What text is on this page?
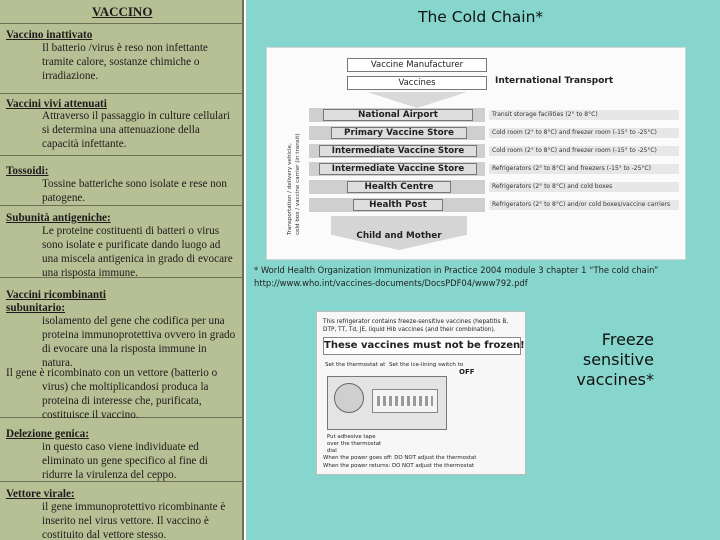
VACCINO
Vaccino inattivato
Il batterio /virus è reso non infettante
tramite calore, sostanze chimiche o
irradiazione.
Vaccini vivi attenuati
Attraverso il passaggio in culture cellulari
si determina una attenuazione della
capacità infettante.
Tossoidi:
Tossine batteriche sono isolate e rese non
patogene.
Subunità antigeniche:
Le proteine costituenti di batteri o virus
sono isolate e purificate dando luogo ad
una miscela antigenica in grado di evocare
una risposta immune.
Vaccini ricombinanti
subunitario:
isolamento del gene che codifica per una
proteina immunoprotettiva ovvero in grado
di evocare una la risposta immune in
natura.
Il gene è ricombinato con un vettore (batterio o
virus) che moltiplicandosi produca la
proteina di interesse che, purificata,
costituisce il vaccino.
Delezione genica:
in questo caso viene individuate ed
eliminato un gene specifico al fine di
ridurre la virulenza del ceppo.
Vettore virale:
il gene immunoprotettivo ricombinante è
inserito nel virus vettore. Il vaccino è
costituito dal vettore stesso.
The Cold Chain*
Vaccine Manufacturer
Vaccines	International Transport
Transportation / delivery vehicle, cold box / vaccine carrier (in transit)
National Airport	Transit storage facilities (2° to 8°C)
Primary Vaccine Store	Cold room (2° to 8°C) and freezer room (-15° to -25°C)
Intermediate Vaccine Store	Cold room (2° to 8°C) and freezer room (-15° to -25°C)
Intermediate Vaccine Store	Refrigerators (2° to 8°C) and freezers (-15° to -25°C)
Health Centre	Refrigerators (2° to 8°C) and cold boxes
Health Post	Refrigerators (2° to 8°C) and/or cold boxes/vaccine carriers
Child and Mother
* World Health Organization Immunization in Practice 2004 module 3 chapter 1 “The cold chain”
http://www.who.int/vaccines-documents/DocsPDF04/www792.pdf
This refrigerator contains freeze-sensitive vaccines (hepatitis B,
DTP, TT, Td, JE, liquid Hib vaccines (and their combination).
These vaccines must not be frozen!
Set the thermostat at Set the ice-lining switch to
OFF
Put adhesive tape over the thermostat dial
When the power goes off: DO NOT adjust the thermostat
When the power returns: DO NOT adjust the thermostat
Freeze
sensitive
vaccines*
